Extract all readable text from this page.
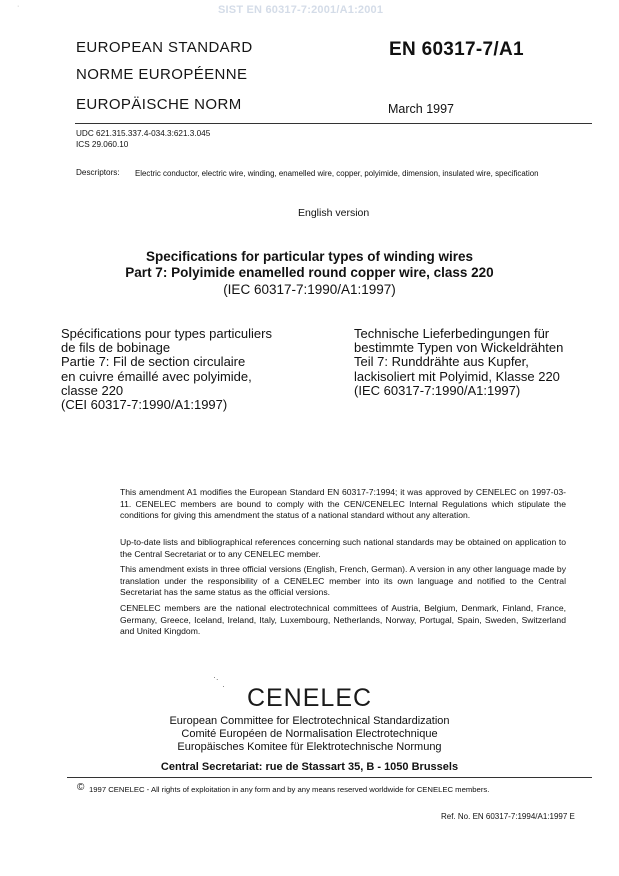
SIST EN 60317-7:2001/A1:2001
·
EUROPEAN STANDARD
NORME EUROPÉENNE
EUROPÄISCHE NORM
EN 60317-7/A1
March 1997
UDC 621.315.337.4-034.3:621.3.045
ICS 29.060.10
Descriptors: Electric conductor, electric wire, winding, enamelled wire, copper, polyimide, dimension, insulated wire, specification
English version
Specifications for particular types of winding wires
Part 7: Polyimide enamelled round copper wire, class 220
(IEC 60317-7:1990/A1:1997)
Spécifications pour types particuliers
de fils de bobinage
Partie 7: Fil de section circulaire
en cuivre émaillé avec polyimide,
classe 220
(CEI 60317-7:1990/A1:1997)
Technische Lieferbedingungen für
bestimmte Typen von Wickeldrähten
Teil 7: Runddrähte aus Kupfer,
lackisoliert mit Polyimid, Klasse 220
(IEC 60317-7:1990/A1:1997)
This amendment A1 modifies the European Standard EN 60317-7:1994; it was approved by CENELEC on 1997-03-11. CENELEC members are bound to comply with the CEN/CENELEC Internal Regulations which stipulate the conditions for giving this amendment the status of a national standard without any alteration.
Up-to-date lists and bibliographical references concerning such national standards may be obtained on application to the Central Secretariat or to any CENELEC member.
This amendment exists in three official versions (English, French, German). A version in any other language made by translation under the responsibility of a CENELEC member into its own language and notified to the Central Secretariat has the same status as the official versions.
CENELEC members are the national electrotechnical committees of Austria, Belgium, Denmark, Finland, France, Germany, Greece, Iceland, Ireland, Italy, Luxembourg, Netherlands, Norway, Portugal, Spain, Sweden, Switzerland and United Kingdom.
·.
· CENELEC
European Committee for Electrotechnical Standardization
Comité Européen de Normalisation Electrotechnique
Europäisches Komitee für Elektrotechnische Normung
Central Secretariat: rue de Stassart 35, B - 1050 Brussels
© 1997 CENELEC - All rights of exploitation in any form and by any means reserved worldwide for CENELEC members.
Ref. No. EN 60317-7:1994/A1:1997 E
